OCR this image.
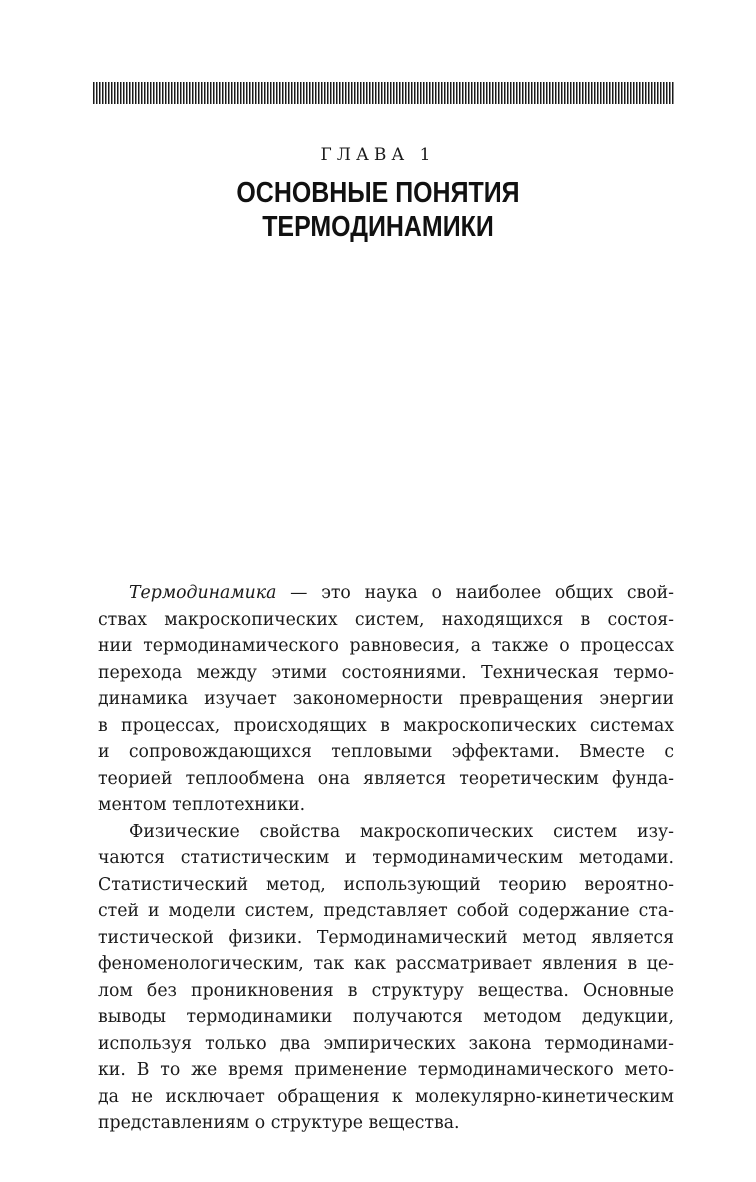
ГЛАВА 1
ОСНОВНЫЕ ПОНЯТИЯ
ТЕРМОДИНАМИКИ
Термодинамика — это наука о наиболее общих свой-
ствах макроскопических систем, находящихся в состоя-
нии термодинамического равновесия, а также о процессах
перехода между этими состояниями. Техническая термо-
динамика изучает закономерности превращения энергии
в процессах, происходящих в макроскопических системах
и сопровождающихся тепловыми эффектами. Вместе с
теорией теплообмена она является теоретическим фунда-
ментом теплотехники.
Физические свойства макроскопических систем изу-
чаются статистическим и термодинамическим методами.
Статистический метод, использующий теорию вероятно-
стей и модели систем, представляет собой содержание ста-
тистической физики. Термодинамический метод является
феноменологическим, так как рассматривает явления в це-
лом без проникновения в структуру вещества. Основные
выводы термодинамики получаются методом дедукции,
используя только два эмпирических закона термодинами-
ки. В то же время применение термодинамического мето-
да не исключает обращения к молекулярно-кинетическим
представлениям о структуре вещества.
